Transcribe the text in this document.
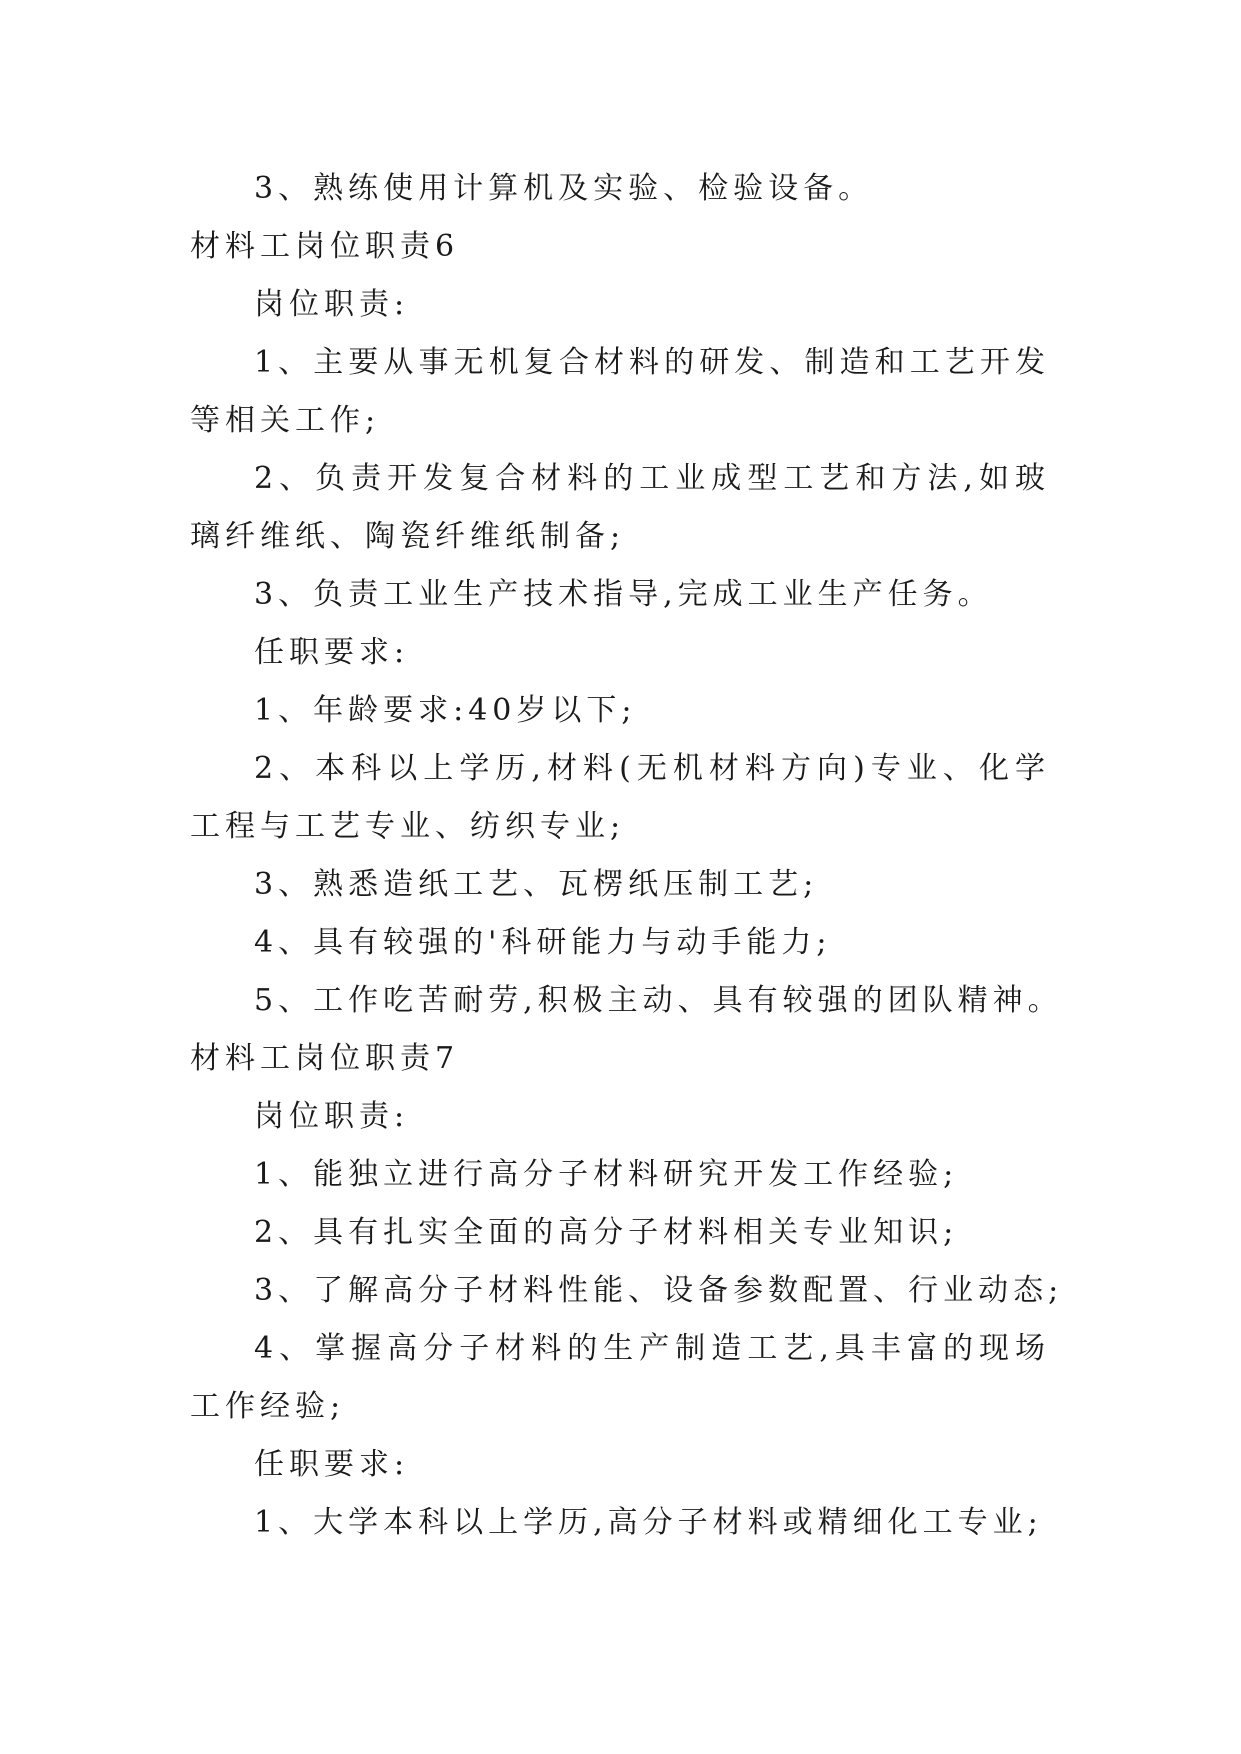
3、熟练使用计算机及实验、检验设备。
材料工岗位职责6
岗位职责:
1、主要从事无机复合材料的研发、制造和工艺开发等相关工作;
2、负责开发复合材料的工业成型工艺和方法,如玻璃纤维纸、陶瓷纤维纸制备;
3、负责工业生产技术指导,完成工业生产任务。
任职要求:
1、年龄要求:40岁以下;
2、本科以上学历,材料(无机材料方向)专业、化学工程与工艺专业、纺织专业;
3、熟悉造纸工艺、瓦楞纸压制工艺;
4、具有较强的'科研能力与动手能力;
5、工作吃苦耐劳,积极主动、具有较强的团队精神。
材料工岗位职责7
岗位职责:
1、能独立进行高分子材料研究开发工作经验;
2、具有扎实全面的高分子材料相关专业知识;
3、了解高分子材料性能、设备参数配置、行业动态;
4、掌握高分子材料的生产制造工艺,具丰富的现场工作经验;
任职要求:
1、大学本科以上学历,高分子材料或精细化工专业;
